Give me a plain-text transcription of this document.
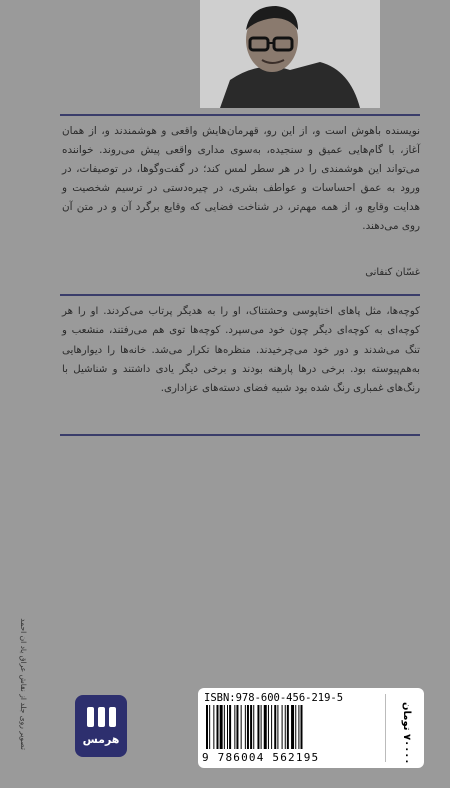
نویسنده باهوش است و، از این رو، قهرمان‌هایش واقعی و هوشمندند و، از همان آغاز، با گام‌هایی عمیق و سنجیده، به‌سوی مداری واقعی پیش می‌روند. خواننده می‌تواند این هوشمندی را در هر سطر لمس کند؛ در گفت‌وگوها، در توصیفات، در ورود به عمق احساسات و عواطف بشری، در چیره‌دستی در ترسیم شخصیت و هدایت وقایع و، از همه مهم‌تر، در شناخت فضایی که وقایع برگرد آن و در متن آن روی می‌دهند.
غسّان کنفانی
کوچه‌ها، مثل پاهای اختاپوسی وحشتناک، او را به هدیگر پرتاب می‌کردند. او را هر کوچه‌ای به کوچه‌ای دیگر چون خود می‌سپرد. کوچه‌ها توی هم می‌رفتند، منشعب و تنگ می‌شدند و دور خود می‌چرخیدند. منظره‌ها تکرار می‌شد. خانه‌ها را دیوارهایی به‌هم‌پیوسته بود. برخی درها پارهنه بودند و برخی دیگر یادی داشتند و شناشیل با رنگ‌های غمباری رنگ شده بود شبیه فضای دسته‌های عزاداری.
تصویر روی جلد از نقاش عراق یاد ان احمد	هرمس
ISBN:978-600-456-219-5
9 786004 562195
۷۰۰۰۰ تومان
